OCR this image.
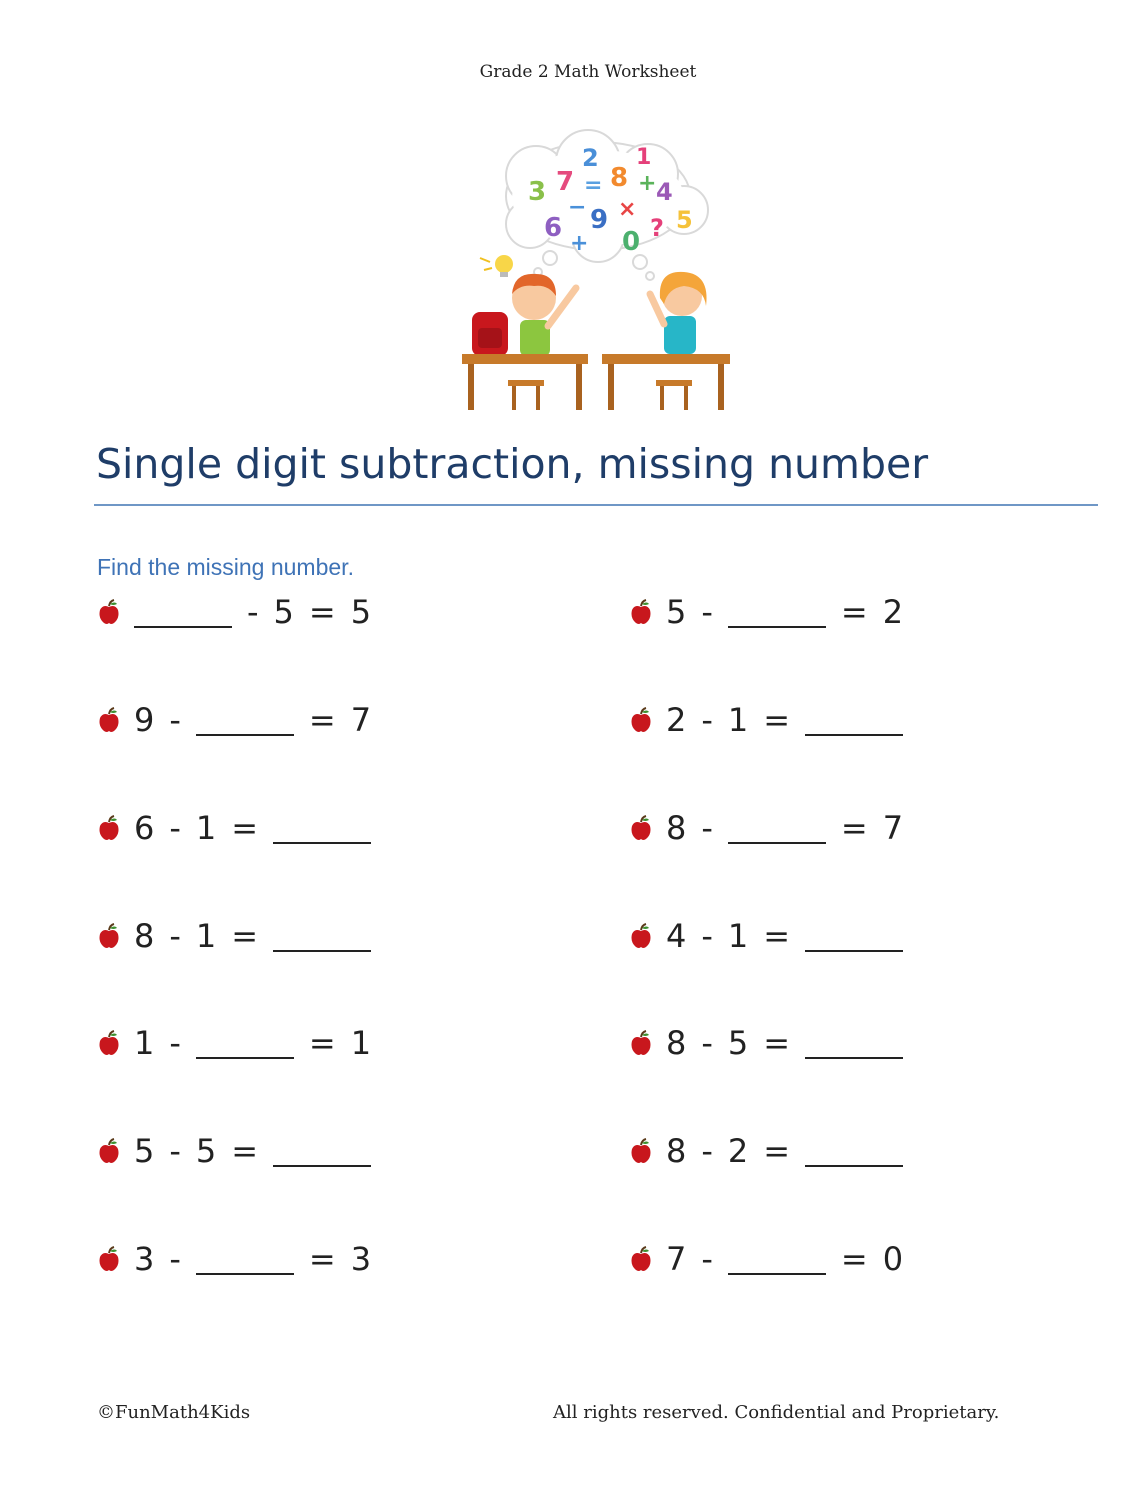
Grade 2 Math Worksheet
3 7
2
8
1
4
6 9
0 ? 5
= +
×
−
+
Single digit subtraction, missing number
Find the missing number.
- 5 = 5
9 -	= 7
6 - 1 =
8 - 1 =
1 -	= 1
5 - 5 =
3 -	= 3
5 -	= 2
2 - 1 =
8 -	= 7
4 - 1 =
8 - 5 =
8 - 2 =
7 -	= 0
©FunMath4Kids	All rights reserved. Confidential and Proprietary.
